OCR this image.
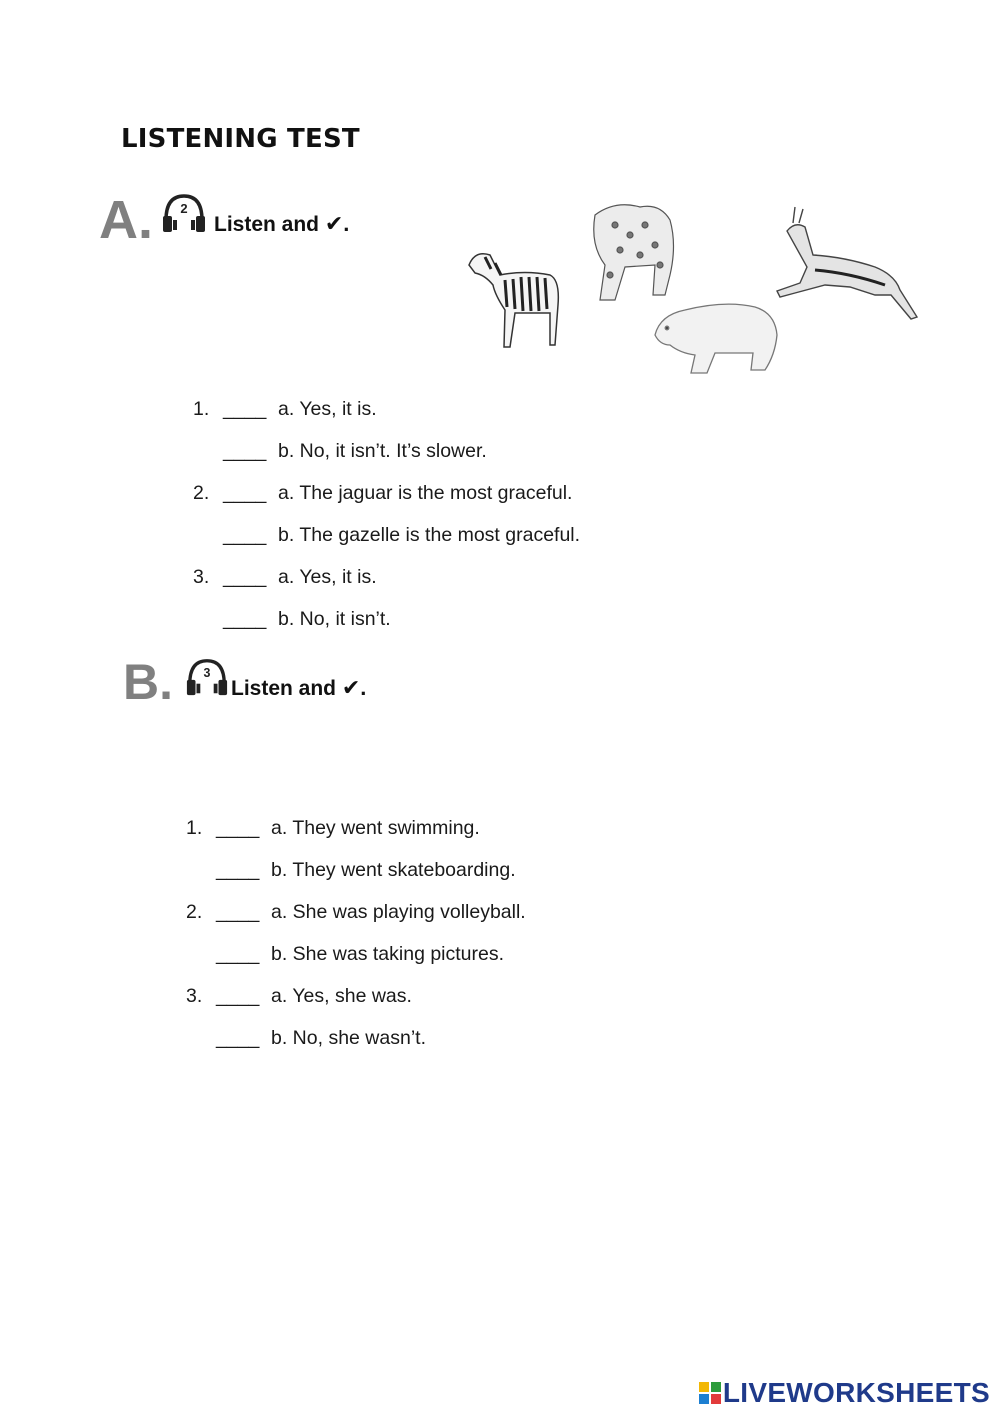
LISTENING TEST
A. 2
Listen and ✔.
1. ____ a. Yes, it is.
____ b. No, it isn’t. It’s slower.
2. ____ a. The jaguar is the most graceful.
____ b. The gazelle is the most graceful.
3. ____ a. Yes, it is.
____ b. No, it isn’t.
B. 3
Listen and ✔.
1. ____ a. They went swimming.
____ b. They went skateboarding.
2. ____ a. She was playing volleyball.
____ b. She was taking pictures.
3. ____ a. Yes, she was.
____ b. No, she wasn’t.
LIVEWORKSHEETS
